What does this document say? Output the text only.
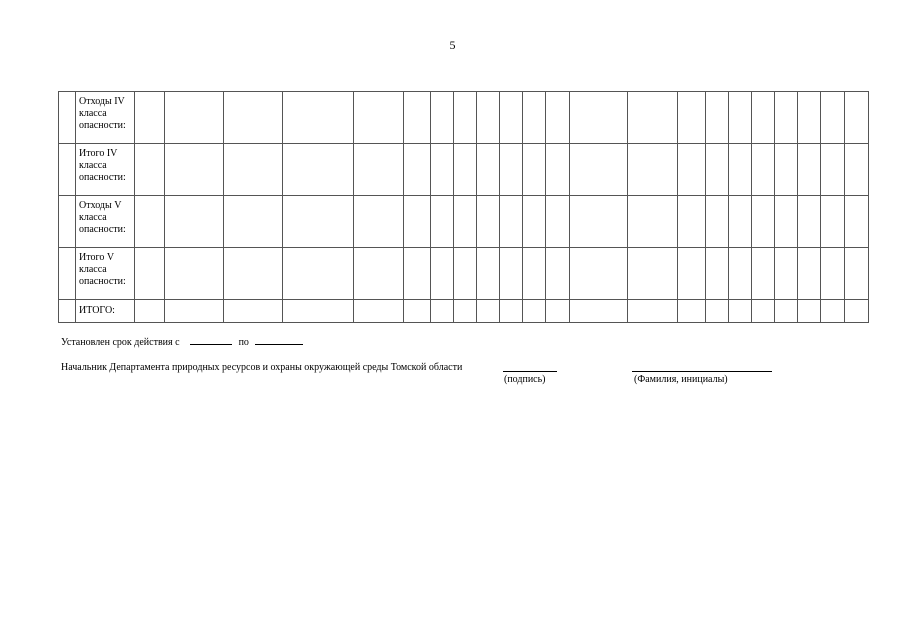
5

	Отходы IV
класса
опасности:																						

	Итого IV
класса
опасности:																						

	Отходы V
класса
опасности:																						

	Итого V
класса
опасности:																						

	ИТОГО:																						

Установлен срок действия с	по
Начальник Департамента природных ресурсов и охраны окружающей среды Томской области
(подпись)	(Фамилия, инициалы)
